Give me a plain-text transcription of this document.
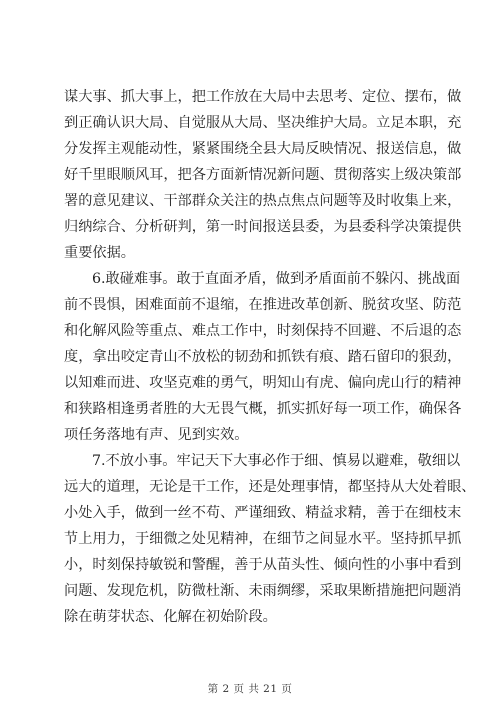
谋大事、抓大事上，把工作放在大局中去思考、定位、摆布，做
到正确认识大局、自觉服从大局、坚决维护大局。立足本职，充
分发挥主观能动性，紧紧围绕全县大局反映情况、报送信息，做
好千里眼顺风耳，把各方面新情况新问题、贯彻落实上级决策部
署的意见建议、干部群众关注的热点焦点问题等及时收集上来，
归纳综合、分析研判，第一时间报送县委，为县委科学决策提供
重要依据。
6.敢碰难事。敢于直面矛盾，做到矛盾面前不躲闪、挑战面
前不畏惧，困难面前不退缩，在推进改革创新、脱贫攻坚、防范
和化解风险等重点、难点工作中，时刻保持不回避、不后退的态
度，拿出咬定青山不放松的韧劲和抓铁有痕、踏石留印的狠劲，
以知难而进、攻坚克难的勇气，明知山有虎、偏向虎山行的精神
和狭路相逢勇者胜的大无畏气概，抓实抓好每一项工作，确保各
项任务落地有声、见到实效。
7.不放小事。牢记天下大事必作于细、慎易以避难，敬细以
远大的道理，无论是干工作，还是处理事情，都坚持从大处着眼、
小处入手，做到一丝不苟、严谨细致、精益求精，善于在细枝末
节上用力，于细微之处见精神，在细节之间显水平。坚持抓早抓
小，时刻保持敏锐和警醒，善于从苗头性、倾向性的小事中看到
问题、发现危机，防微杜渐、未雨绸缪，采取果断措施把问题消
除在萌芽状态、化解在初始阶段。
第 2 页 共 21 页
